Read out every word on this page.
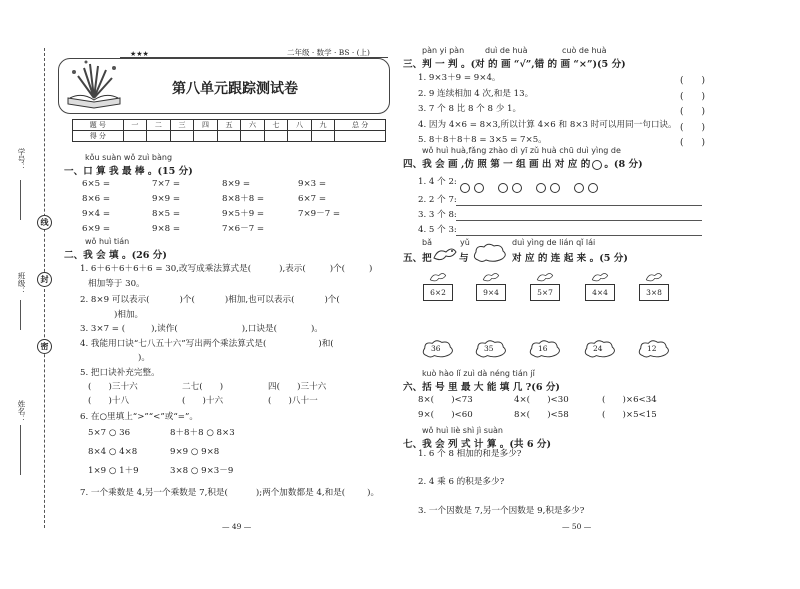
学号：
线
班级：	封
密
姓名：
★★★	二年级 · 数学 · BS · (上)
第八单元跟踪测试卷
题 号	一	二	三	四	五	六	七	八	九	总 分
得 分										
kǒu suàn wǒ zuì bàng
一、口 算 我 最 棒 。(15 分)
6×5 =	7×7 =	8×9 =	9×3 =
8×6 =	9×9 =	8×8＋8 =	6×7 =
9×4 =	8×5 =	9×5＋9 =	7×9－7 =
6×9 =	9×8 =	7×6－7 =
wǒ huì tián
二、我 会 填 。(26 分)
1. 6＋6＋6＋6＋6 = 30,改写成乘法算式是(	),表示(	)个(	)
相加等于 30。
2. 8×9 可以表示(	)个(	)相加,也可以表示(	)个(
)相加。
3. 3×7 = (	),读作(	),口诀是(	)。
4. 我能用口诀“七八五十六”写出两个乘法算式是(	)和(
)。
5. 把口诀补充完整。
(　　)三十六	二七(　　)	四(　　)三十六
(　　)十八	(　　)十六	(　　)八十一
6. 在○里填上“>”“<”或“=”。
5×7 ○ 36	8＋8＋8 ○ 8×3
8×4 ○ 4×8	9×9 ○ 9×8
1×9 ○ 1＋9	3×8 ○ 9×3－9
7. 一个乘数是 4,另一个乘数是 7,积是(	);两个加数都是 4,和是(	)。
— 49 —
pàn yi pàn	duì de huà	cuò de huà
三、判 一 判 。(对 的 画 “√”,错 的 画 “×”)(5 分)
1. 9×3＋9 = 9×4。	(　　)
2. 9 连续相加 4 次,和是 13。	(　　)
3. 7 个 8 比 8 个 8 少 1。	(　　)
4. 因为 4×6 = 8×3,所以计算 4×6 和 8×3 时可以用同一句口诀。 (　　)
5. 8＋8＋8＋8 = 3×5 = 7×5。	(　　)
wǒ huì huà,fǎng zhào dì yī zǔ huà chū duì yìng de
四、我 会 画 ,仿 照 第 一 组 画 出 对 应 的 。(8 分)
1. 4 个 2:
2. 2 个 7:
3. 3 个 8:
4. 5 个 3:
bǎ	yǔ	duì yìng de lián qǐ lái
五、把	与	对 应 的 连 起 来 。(5 分)
6×2	9×4	5×7	4×4	3×8
36	35	16	24	12
kuò hào lǐ zuì dà néng tián jǐ
六、括 号 里 最 大 能 填 几 ?(6 分)
8×(　　)<73	4×(　　)<30	(　　)×6<34
9×(　　)<60	8×(　　)<58	(　　)×5<15
wǒ huì liè shì jì suàn
七、我 会 列 式 计 算 。(共 6 分)
1. 6 个 8 相加的和是多少?
2. 4 乘 6 的积是多少?
3. 一个因数是 7,另一个因数是 9,积是多少?
— 50 —
